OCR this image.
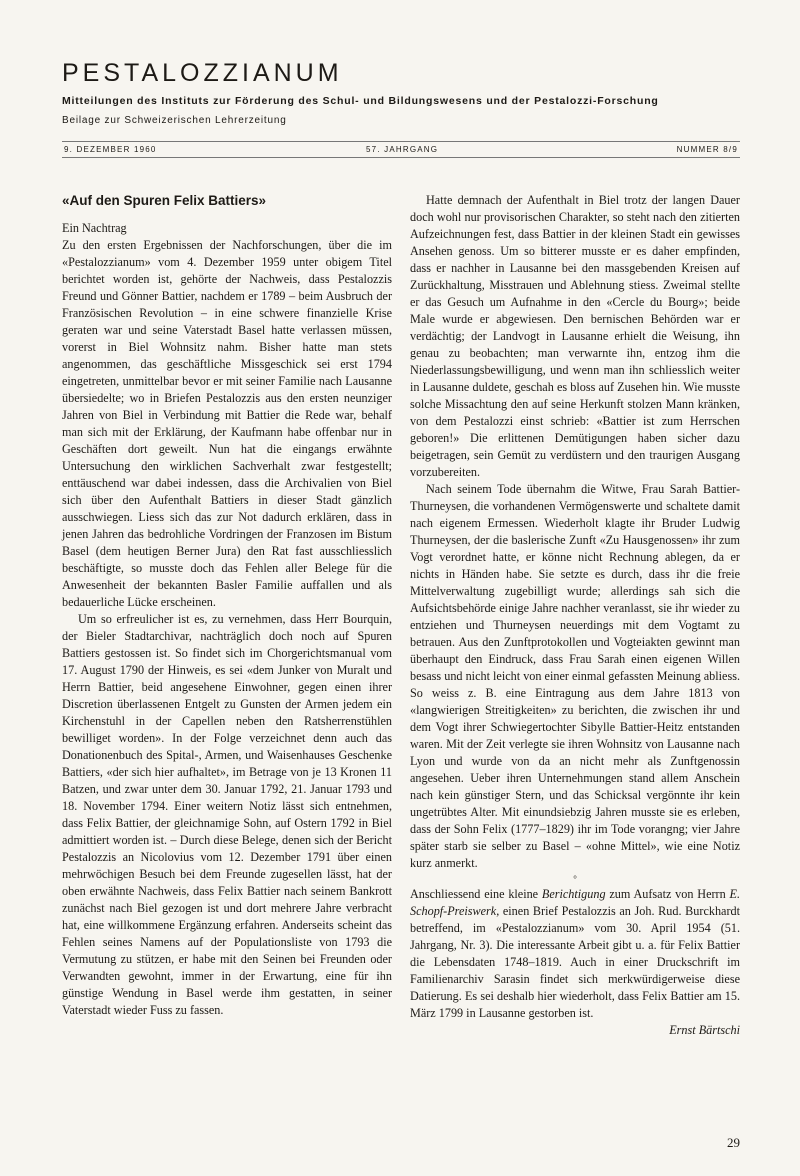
PESTALOZZIANUM
Mitteilungen des Instituts zur Förderung des Schul- und Bildungswesens und der Pestalozzi-Forschung
Beilage zur Schweizerischen Lehrerzeitung
9. DEZEMBER 1960	57. JAHRGANG	NUMMER 8/9
«Auf den Spuren Felix Battiers»

Ein Nachtrag

Zu den ersten Ergebnissen der Nachforschungen, über die im «Pestalozzianum» vom 4. Dezember 1959 unter obigem Titel berichtet worden ist, gehörte der Nachweis, dass Pestalozzis Freund und Gönner Battier, nachdem er 1789 – beim Ausbruch der Französischen Revolution – in eine schwere finanzielle Krise geraten war und seine Vaterstadt Basel hatte verlassen müssen, vorerst in Biel Wohnsitz nahm. Bisher hatte man stets angenommen, das geschäftliche Missgeschick sei erst 1794 eingetreten, unmittelbar bevor er mit seiner Familie nach Lausanne übersiedelte; wo in Briefen Pestalozzis aus den ersten neunziger Jahren von Biel in Verbindung mit Battier die Rede war, behalf man sich mit der Erklärung, der Kaufmann habe offenbar nur in Geschäften dort geweilt. Nun hat die eingangs erwähnte Untersuchung den wirklichen Sachverhalt zwar festgestellt; enttäuschend war dabei indessen, dass die Archivalien von Biel sich über den Aufenthalt Battiers in dieser Stadt gänzlich ausschwiegen. Liess sich das zur Not dadurch erklären, dass in jenen Jahren das bedrohliche Vordringen der Franzosen im Bistum Basel (dem heutigen Berner Jura) den Rat fast ausschliesslich beschäftigte, so musste doch das Fehlen aller Belege für die Anwesenheit der bekannten Basler Familie auffallen und als bedauerliche Lücke erscheinen.

Um so erfreulicher ist es, zu vernehmen, dass Herr Bourquin, der Bieler Stadtarchivar, nachträglich doch noch auf Spuren Battiers gestossen ist. So findet sich im Chorgerichtsmanual vom 17. August 1790 der Hinweis, es sei «dem Junker von Muralt und Herrn Battier, beid angesehene Einwohner, gegen einen ihrer Discretion überlassenen Entgelt zu Gunsten der Armen jedem ein Kirchenstuhl in der Capellen neben den Ratsherrenstühlen bewilliget worden». In der Folge verzeichnet denn auch das Donationenbuch des Spital-, Armen, und Waisenhauses Geschenke Battiers, «der sich hier aufhaltet», im Betrage von je 13 Kronen 11 Batzen, und zwar unter dem 30. Januar 1792, 21. Januar 1793 und 18. November 1794. Einer weitern Notiz lässt sich entnehmen, dass Felix Battier, der gleichnamige Sohn, auf Ostern 1792 in Biel admittiert worden ist. – Durch diese Belege, denen sich der Bericht Pestalozzis an Nicolovius vom 12. Dezember 1791 über einen mehrwöchigen Besuch bei dem Freunde zugesellen lässt, hat der oben erwähnte Nachweis, dass Felix Battier nach seinem Bankrott zunächst nach Biel gezogen ist und dort mehrere Jahre verbracht hat, eine willkommene Ergänzung erfahren. Anderseits scheint das Fehlen seines Namens auf der Populationsliste von 1793 die Vermutung zu stützen, er habe mit den Seinen bei Freunden oder Verwandten gewohnt, immer in der Erwartung, eine für ihn günstige Wendung in Basel werde ihm gestatten, in seiner Vaterstadt wieder Fuss zu fassen.

Hatte demnach der Aufenthalt in Biel trotz der langen Dauer doch wohl nur provisorischen Charakter, so steht nach den zitierten Aufzeichnungen fest, dass Battier in der kleinen Stadt ein gewisses Ansehen genoss. Um so bitterer musste er es daher empfinden, dass er nachher in Lausanne bei den massgebenden Kreisen auf Zurückhaltung, Misstrauen und Ablehnung stiess. Zweimal stellte er das Gesuch um Aufnahme in den «Cercle du Bourg»; beide Male wurde er abgewiesen. Den bernischen Behörden war er verdächtig; der Landvogt in Lausanne erhielt die Weisung, ihn genau zu beobachten; man verwarnte ihn, entzog ihm die Niederlassungsbewilligung, und wenn man ihn schliesslich weiter in Lausanne duldete, geschah es bloss auf Zusehen hin. Wie musste solche Missachtung den auf seine Herkunft stolzen Mann kränken, von dem Pestalozzi einst schrieb: «Battier ist zum Herrschen geboren!» Die erlittenen Demütigungen haben sicher dazu beigetragen, sein Gemüt zu verdüstern und den traurigen Ausgang vorzubereiten.

Nach seinem Tode übernahm die Witwe, Frau Sarah Battier-Thurneysen, die vorhandenen Vermögenswerte und schaltete damit nach eigenem Ermessen. Wiederholt klagte ihr Bruder Ludwig Thurneysen, der die baslerische Zunft «Zu Hausgenossen» ihr zum Vogt verordnet hatte, er könne nicht Rechnung ablegen, da er nichts in Händen habe. Sie setzte es durch, dass ihr die freie Mittelverwaltung zugebilligt wurde; allerdings sah sich die Aufsichtsbehörde einige Jahre nachher veranlasst, sie ihr wieder zu entziehen und Thurneysen neuerdings mit dem Vogtamt zu betrauen. Aus den Zunftprotokollen und Vogteiakten gewinnt man überhaupt den Eindruck, dass Frau Sarah einen eigenen Willen besass und nicht leicht von einer einmal gefassten Meinung abliess. So weiss z. B. eine Eintragung aus dem Jahre 1813 von «langwierigen Streitigkeiten» zu berichten, die zwischen ihr und dem Vogt ihrer Schwiegertochter Sibylle Battier-Heitz entstanden waren. Mit der Zeit verlegte sie ihren Wohnsitz von Lausanne nach Lyon und wurde von da an nicht mehr als Zunftgenossin angesehen. Ueber ihren Unternehmungen stand allem Anschein nach kein günstiger Stern, und das Schicksal vergönnte ihr kein ungetrübtes Alter. Mit einundsiebzig Jahren musste sie es erleben, dass der Sohn Felix (1777–1829) ihr im Tode vorangng; vier Jahre später starb sie selber zu Basel – «ohne Mittel», wie eine Notiz kurz anmerkt.

°

Anschliessend eine kleine Berichtigung zum Aufsatz von Herrn E. Schopf-Preiswerk, einen Brief Pestalozzis an Joh. Rud. Burckhardt betreffend, im «Pestalozzianum» vom 30. April 1954 (51. Jahrgang, Nr. 3). Die interessante Arbeit gibt u. a. für Felix Battier die Lebensdaten 1748–1819. Auch in einer Druckschrift im Familienarchiv Sarasin findet sich merkwürdigerweise diese Datierung. Es sei deshalb hier wiederholt, dass Felix Battier am 15. März 1799 in Lausanne gestorben ist.

Ernst Bärtschi

29
